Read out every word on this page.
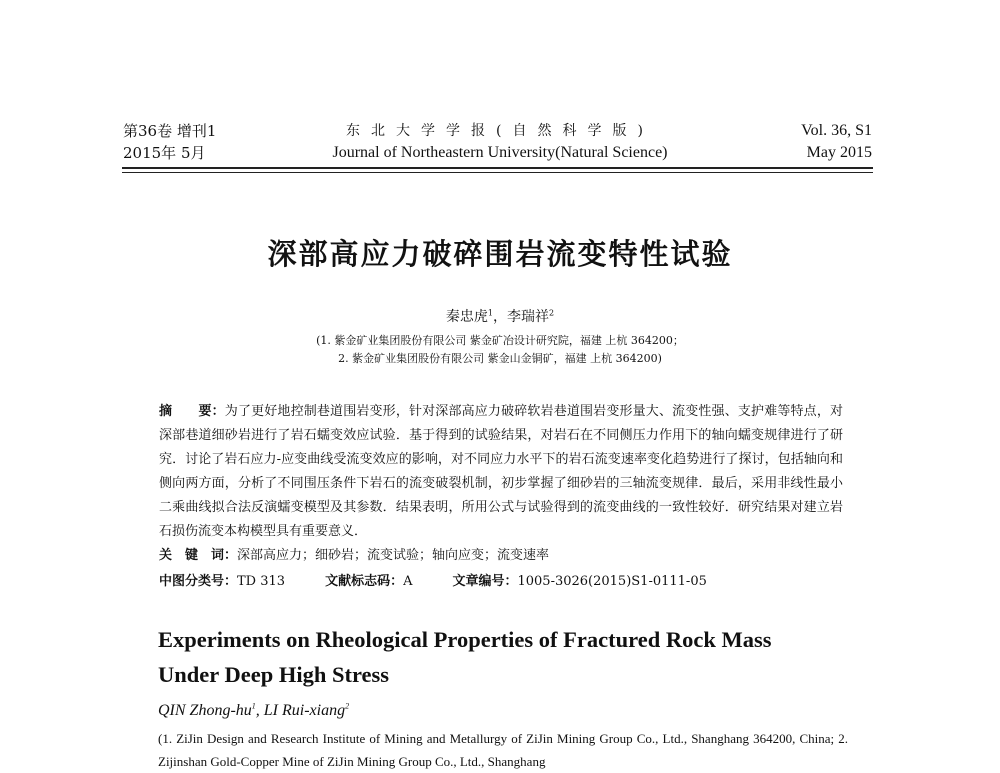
第36卷 增刊1
2015年 5月
东北大学学报(自然科学版)
Journal of Northeastern University(Natural Science)
Vol. 36, S1
May 2015
深部高应力破碎围岩流变特性试验
秦忠虎$^1$，李瑞祥$^2$
(1. 紫金矿业集团股份有限公司 紫金矿冶设计研究院，福建 上杭 364200；
2. 紫金矿业集团股份有限公司 紫金山金铜矿，福建 上杭 364200)
摘　　要：为了更好地控制巷道围岩变形，针对深部高应力破碎软岩巷道围岩变形量大、流变性强、支护难等特点，对深部巷道细砂岩进行了岩石蠕变效应试验．基于得到的试验结果，对岩石在不同侧压力作用下的轴向蠕变规律进行了研究．讨论了岩石应力-应变曲线受流变效应的影响，对不同应力水平下的岩石流变速率变化趋势进行了探讨，包括轴向和侧向两方面，分析了不同围压条件下岩石的流变破裂机制，初步掌握了细砂岩的三轴流变规律．最后，采用非线性最小二乘曲线拟合法反演蠕变模型及其参数．结果表明，所用公式与试验得到的流变曲线的一致性较好．研究结果对建立岩石损伤流变本构模型具有重要意义．
关　键　词：深部高应力；细砂岩；流变试验；轴向应变；流变速率
中图分类号：TD 313	文献标志码：A	文章编号：1005-3026(2015)S1-0111-05
Experiments on Rheological Properties of Fractured Rock Mass
Under Deep High Stress
QIN Zhong-$hu^1$, LI Rui-xiang$^2$
(1. ZiJin Design and Research Institute of Mining and Metallurgy of ZiJin Mining Group Co., Ltd., Shanghang 364200, China; 2. Zijinshan Gold-Copper Mine of ZiJin Mining Group Co., Ltd., Shanghang
